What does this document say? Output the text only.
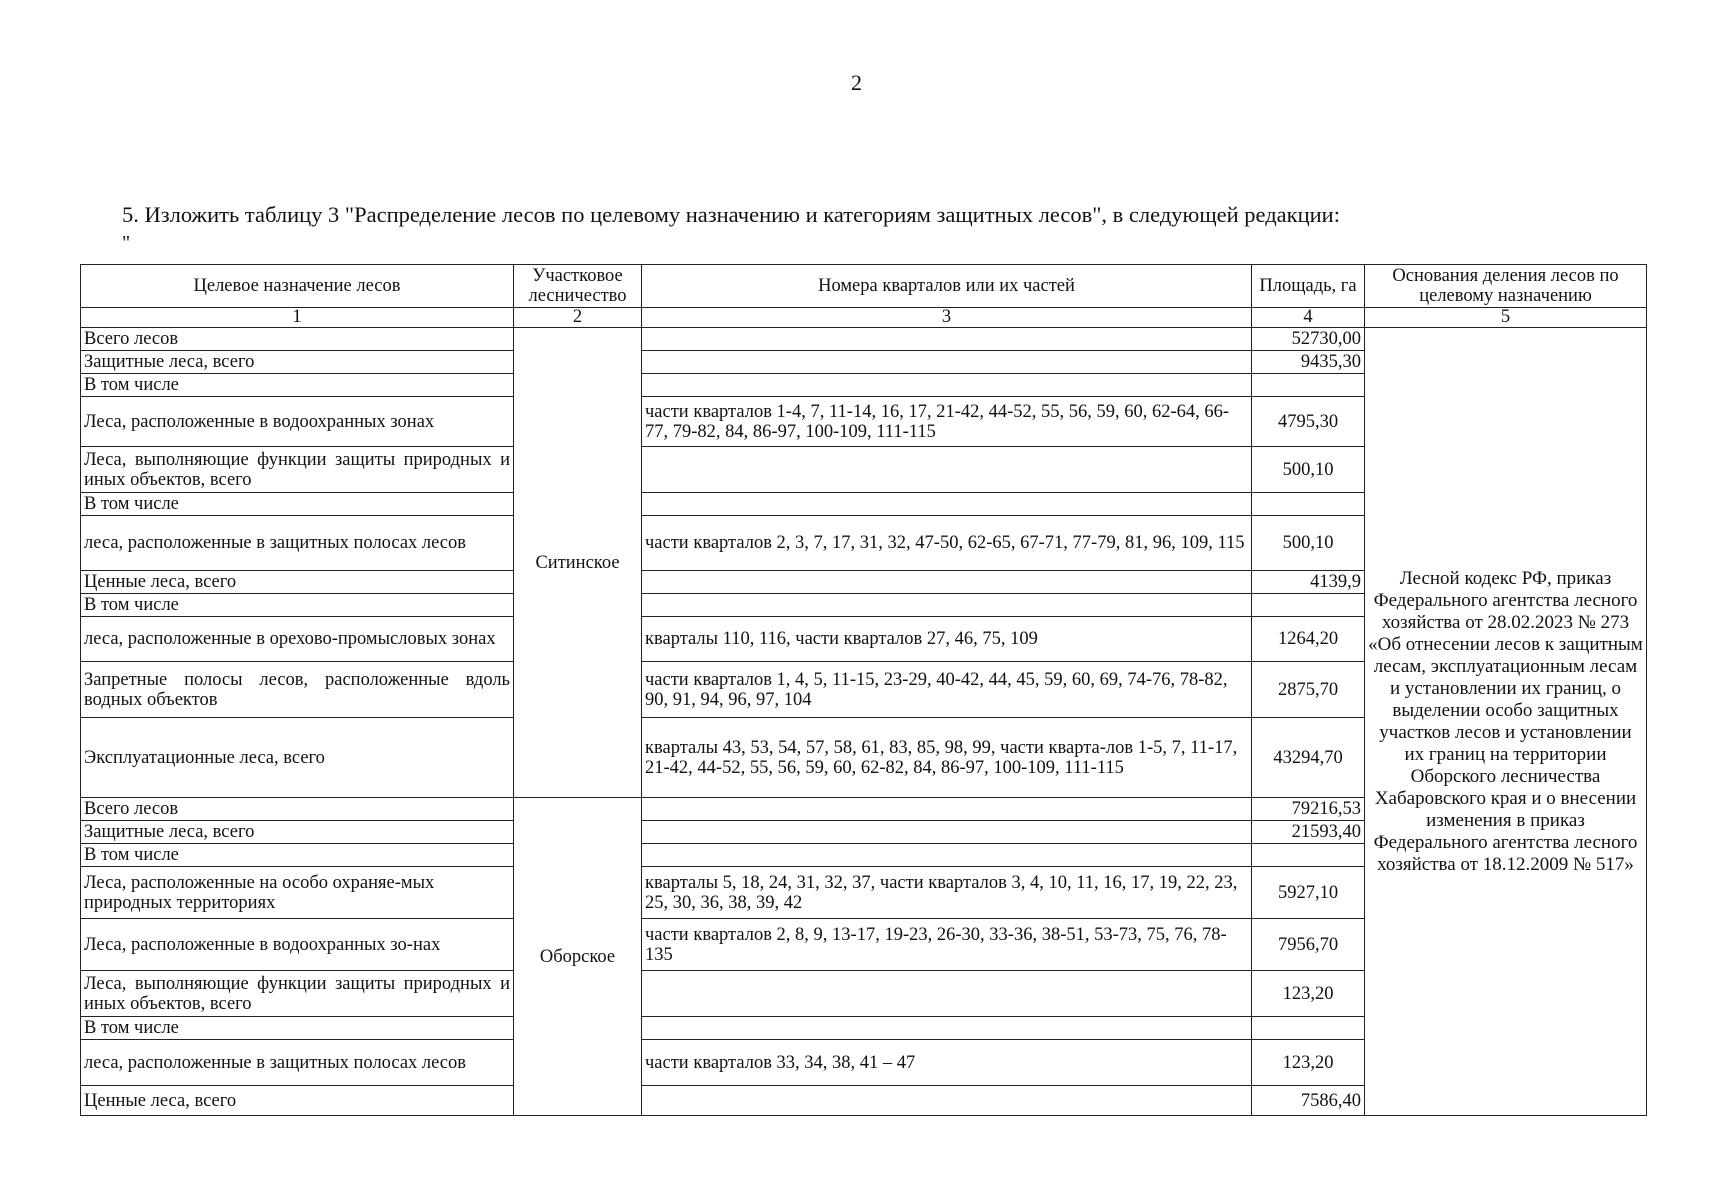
2
5. Изложить таблицу 3 "Распределение лесов по целевому назначению и категориям защитных лесов", в следующей редакции:
"
Целевое назначение лесов	Участковое лесничество	Номера кварталов или их частей	Площадь, га	Основания деления лесов по целевому назначению
1	2	3	4	5
Всего лесов	Ситинское		52730,00	Лесной кодекс РФ, приказ Федерального агентства лесного хозяйства от 28.02.2023 № 273 «Об отнесении лесов к защитным лесам, эксплуатационным лесам и установлении их границ, о выделении особо защитных участков лесов и установлении их границ на территории Оборского лесничества Хабаровского края и о внесении изменения в приказ Федерального агентства лесного хозяйства от 18.12.2009 № 517»
Защитные леса, всего			9435,30	
В том числе				
Леса, расположенные в водоохранных зонах		части кварталов 1-4, 7, 11-14, 16, 17, 21-42, 44-52, 55, 56, 59, 60, 62-64, 66-77, 79-82, 84, 86-97, 100-109, 111-115	4795,30	
Леса, выполняющие функции защиты природных и иных объектов, всего			500,10	
В том числе				
леса, расположенные в защитных полосах лесов		части кварталов 2, 3, 7, 17, 31, 32, 47-50, 62-65, 67-71, 77-79, 81, 96, 109, 115	500,10	
Ценные леса, всего			4139,9	
В том числе				
леса, расположенные в орехово-промысловых зонах		кварталы 110, 116, части кварталов 27, 46, 75, 109	1264,20	
Запретные полосы лесов, расположенные вдоль водных объектов		части кварталов 1, 4, 5, 11-15, 23-29, 40-42, 44, 45, 59, 60, 69, 74-76, 78-82, 90, 91, 94, 96, 97, 104	2875,70	
Эксплуатационные леса, всего		кварталы 43, 53, 54, 57, 58, 61, 83, 85, 98, 99, части кварта-лов 1-5, 7, 11-17, 21-42, 44-52, 55, 56, 59, 60, 62-82, 84, 86-97, 100-109, 111-115	43294,70	
Всего лесов	Оборское		79216,53	
Защитные леса, всего			21593,40	
В том числе				
Леса, расположенные на особо охраняе-мых природных территориях		кварталы 5, 18, 24, 31, 32, 37, части кварталов 3, 4, 10, 11, 16, 17, 19, 22, 23, 25, 30, 36, 38, 39, 42	5927,10	
Леса, расположенные в водоохранных зо-нах		части кварталов 2, 8, 9, 13-17, 19-23, 26-30, 33-36, 38-51, 53-73, 75, 76, 78-135	7956,70	
Леса, выполняющие функции защиты природных и иных объектов, всего			123,20	
В том числе				
леса, расположенные в защитных полосах лесов		части кварталов 33, 34, 38, 41 – 47	123,20	
Ценные леса, всего			7586,40	
